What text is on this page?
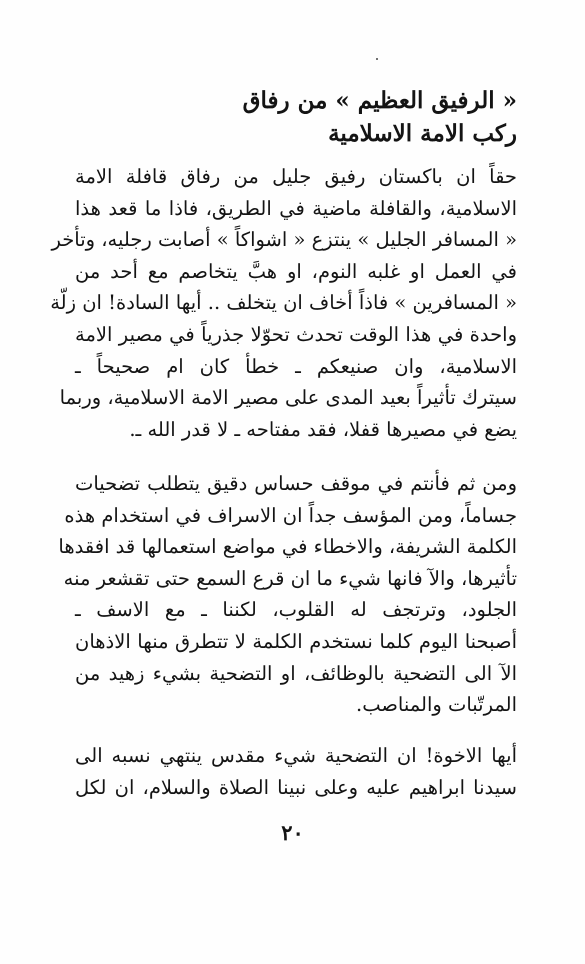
« الرفيق العظيم » من رفاق
ركب الامة الاسلامية
حقاً ان باكستان رفيق جليل من رفاق قافلة الامة
الاسلامية، والقافلة ماضية في الطريق، فاذا ما قعد هذا
« المسافر الجليل » ينتزع « اشواكاً » أصابت رجليه، وتأخر
في العمل او غلبه النوم، او هبَّ يتخاصم مع أحد من
« المسافرين » فاذاً أخاف ان يتخلف .. أيها السادة! ان زلّة
واحدة في هذا الوقت تحدث تحوّلا جذرياً في مصير الامة
الاسلامية، وان صنيعكم ـ خطأ كان ام صحيحاً ـ
سيترك تأثيراً بعيد المدى على مصير الامة الاسلامية، وربما
يضع في مصيرها قفلا، فقد مفتاحه ـ لا قدر الله ـ.
ومن ثم فأنتم في موقف حساس دقيق يتطلب تضحيات
جساماً، ومن المؤسف جداً ان الاسراف في استخدام هذه
الكلمة الشريفة، والاخطاء في مواضع استعمالها قد افقدها
تأثيرها، والآ فانها شيء ما ان قرع السمع حتى تقشعر منه
الجلود، وترتجف له القلوب، لكننا ـ مع الاسف ـ
أصبحنا اليوم كلما نستخدم الكلمة لا تتطرق منها الاذهان
الآ الى التضحية بالوظائف، او التضحية بشيء زهيد من
المرتّبات والمناصب.
أيها الاخوة! ان التضحية شيء مقدس ينتهي نسبه الى
سيدنا ابراهيم عليه وعلى نبينا الصلاة والسلام، ان لكل
٢٠
